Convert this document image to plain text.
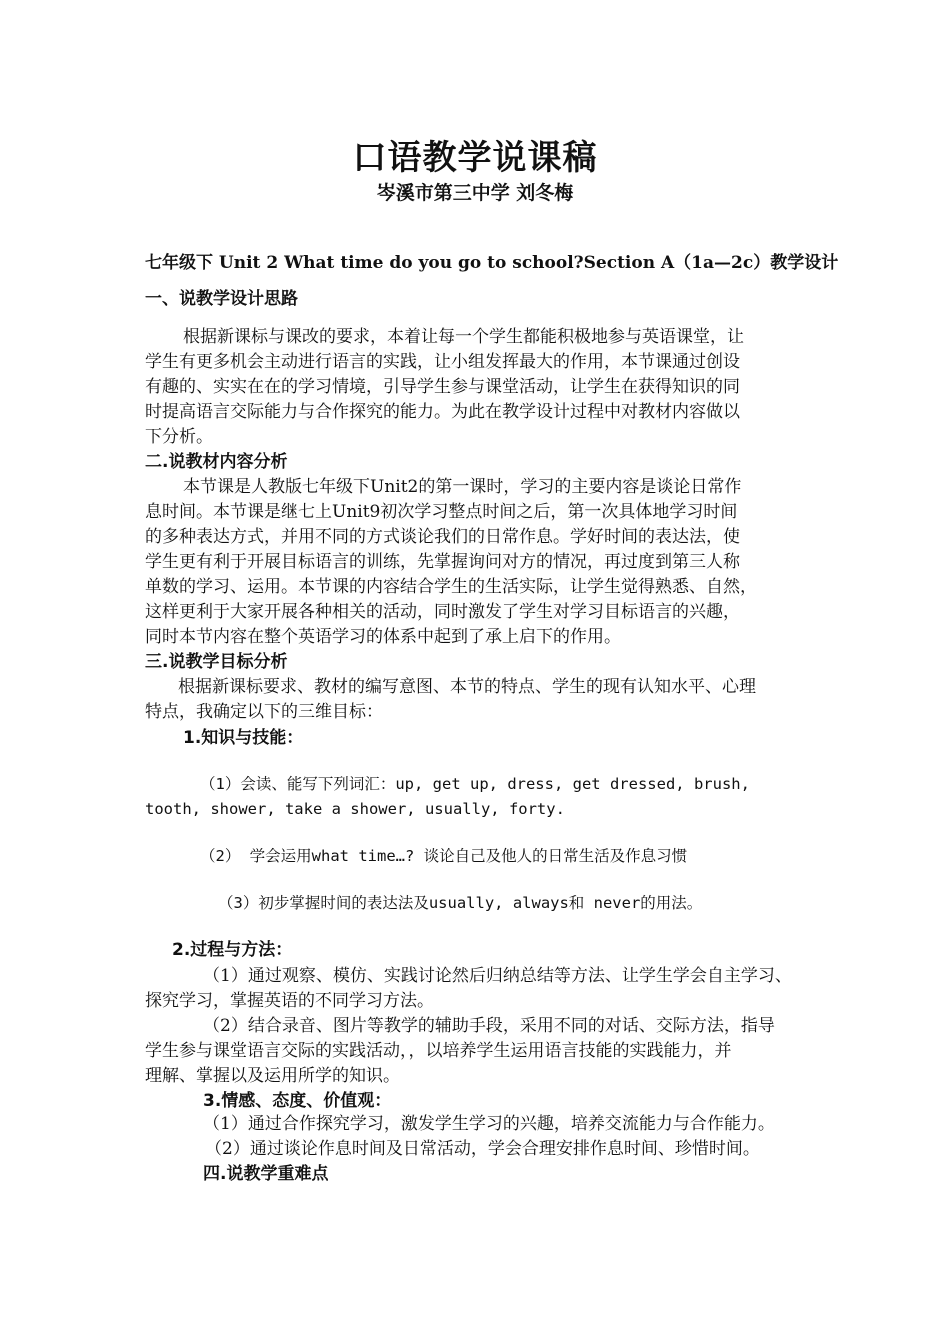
口语教学说课稿
岑溪市第三中学 刘冬梅
七年级下 Unit 2 What time do you go to school?Section A（1a—2c）教学设计
一、说教学设计思路
根据新课标与课改的要求，本着让每一个学生都能积极地参与英语课堂，让
学生有更多机会主动进行语言的实践，让小组发挥最大的作用，本节课通过创设
有趣的、实实在在的学习情境，引导学生参与课堂活动，让学生在获得知识的同
时提高语言交际能力与合作探究的能力。为此在教学设计过程中对教材内容做以
下分析。
二.说教材内容分析
本节课是人教版七年级下Unit2的第一课时，学习的主要内容是谈论日常作
息时间。本节课是继七上Unit9初次学习整点时间之后，第一次具体地学习时间
的多种表达方式，并用不同的方式谈论我们的日常作息。学好时间的表达法，使
学生更有利于开展目标语言的训练，先掌握询问对方的情况，再过度到第三人称
单数的学习、运用。本节课的内容结合学生的生活实际，让学生觉得熟悉、自然，
这样更利于大家开展各种相关的活动，同时激发了学生对学习目标语言的兴趣，
同时本节内容在整个英语学习的体系中起到了承上启下的作用。
三.说教学目标分析
根据新课标要求、教材的编写意图、本节的特点、学生的现有认知水平、心理
特点，我确定以下的三维目标：
1.知识与技能：
（1）会读、能写下列词汇：up, get up, dress, get dressed, brush,
tooth, shower, take a shower, usually, forty.
（2） 学会运用what time…? 谈论自己及他人的日常生活及作息习惯
（3）初步掌握时间的表达法及usually, always和 never的用法。
2.过程与方法：
（1）通过观察、模仿、实践讨论然后归纳总结等方法、让学生学会自主学习、
探究学习，掌握英语的不同学习方法。
（2）结合录音、图片等教学的辅助手段，采用不同的对话、交际方法，指导
学生参与课堂语言交际的实践活动，，以培养学生运用语言技能的实践能力，并
理解、掌握以及运用所学的知识。
3.情感、态度、价值观：
（1）通过合作探究学习，激发学生学习的兴趣，培养交流能力与合作能力。
（2）通过谈论作息时间及日常活动，学会合理安排作息时间、珍惜时间。
四.说教学重难点
